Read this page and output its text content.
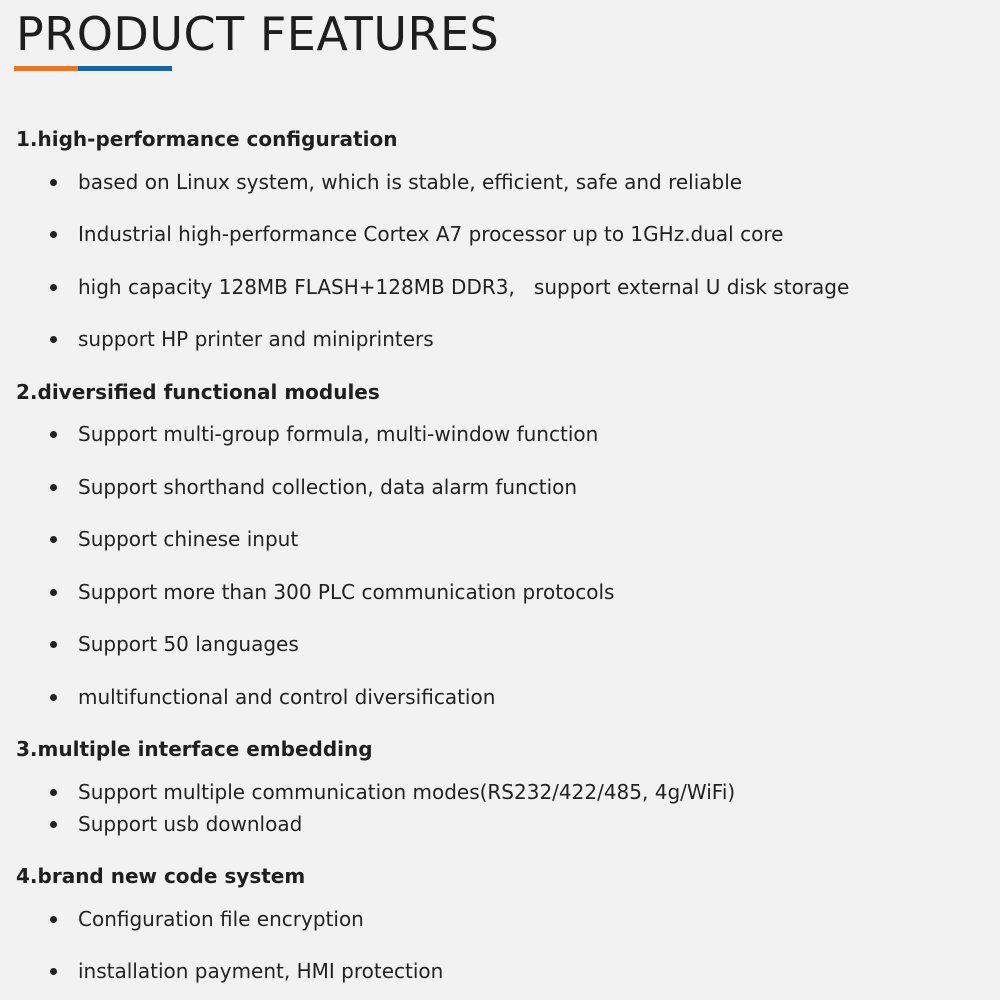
PRODUCT FEATURES
1.high-performance configuration
based on Linux system, which is stable, efficient, safe and reliable
Industrial high-performance Cortex A7 processor up to 1GHz.dual core
high capacity 128MB FLASH+128MB DDR3,   support external U disk storage
support HP printer and miniprinters
2.diversified functional modules
Support multi-group formula, multi-window function
Support shorthand collection, data alarm function
Support chinese input
Support more than 300 PLC communication protocols
Support 50 languages
multifunctional and control diversification
3.multiple interface embedding
Support multiple communication modes(RS232/422/485, 4g/WiFi)
Support usb download
4.brand new code system
Configuration file encryption
installation payment, HMI protection
